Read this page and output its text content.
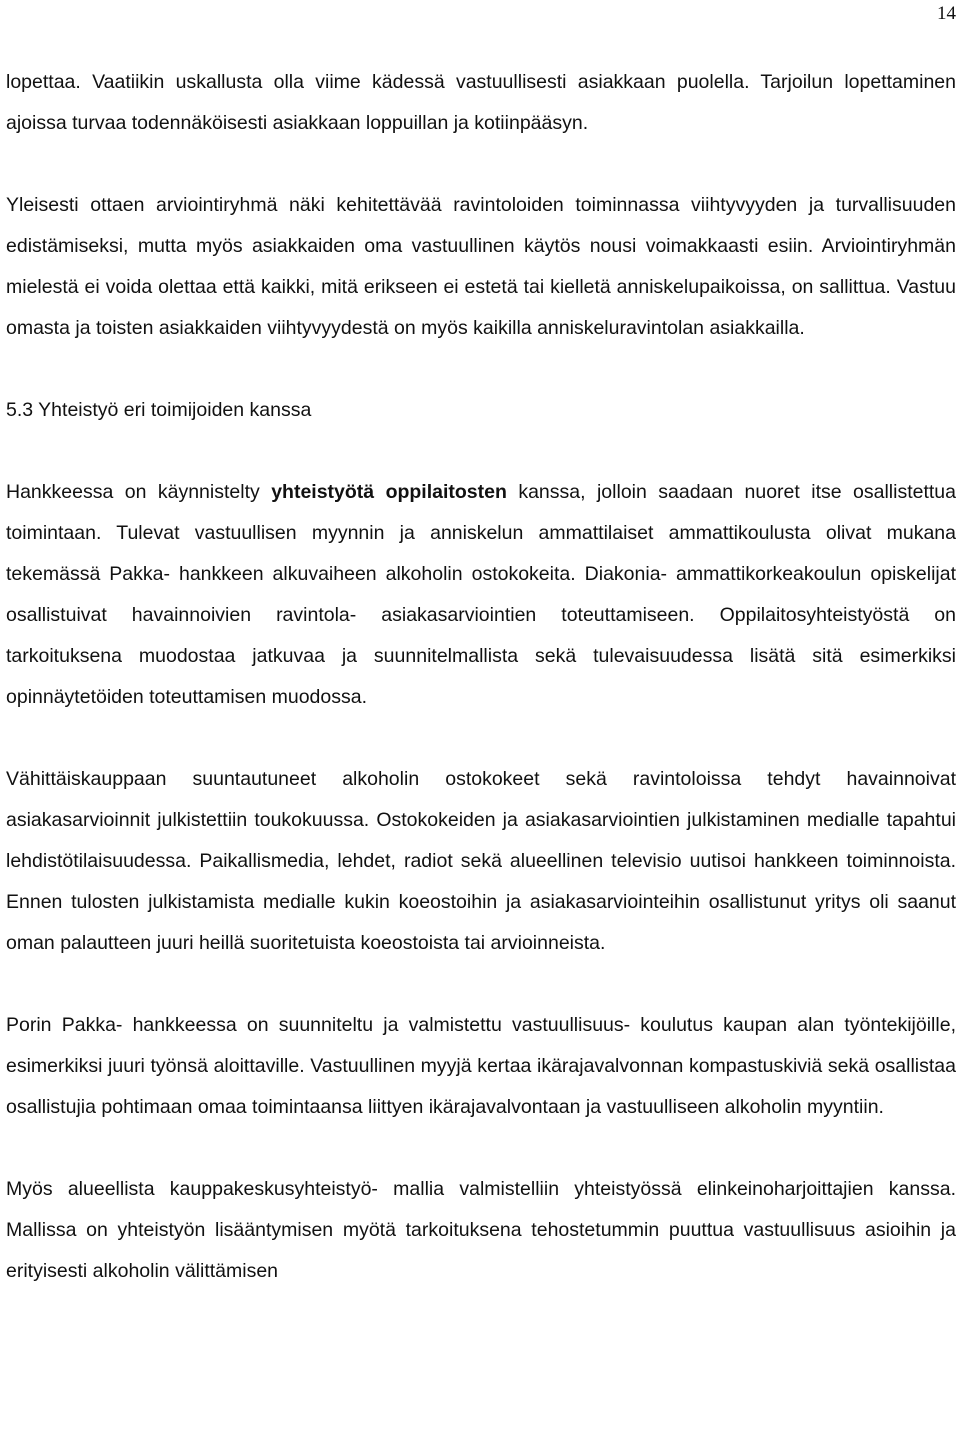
14

lopettaa. Vaatiikin uskallusta olla viime kädessä vastuullisesti asiakkaan puolella. Tarjoilun lopettaminen ajoissa turvaa todennäköisesti asiakkaan loppuillan ja kotiinpääsyn.

Yleisesti ottaen arviointiryhmä näki kehitettävää ravintoloiden toiminnassa viihtyvyyden ja turvallisuuden edistämiseksi, mutta myös asiakkaiden oma vastuullinen käytös nousi voimakkaasti esiin. Arviointiryhmän mielestä ei voida olettaa että kaikki, mitä erikseen ei estetä tai kielletä anniskelupaikoissa, on sallittua. Vastuu omasta ja toisten asiakkaiden viihtyvyydestä on myös kaikilla anniskeluravintolan asiakkailla.

5.3 Yhteistyö eri toimijoiden kanssa

Hankkeessa on käynnistelty yhteistyötä oppilaitosten kanssa, jolloin saadaan nuoret itse osallistettua toimintaan. Tulevat vastuullisen myynnin ja anniskelun ammattilaiset ammattikoulusta olivat mukana tekemässä Pakka- hankkeen alkuvaiheen alkoholin ostokokeita. Diakonia- ammattikorkeakoulun opiskelijat osallistuivat havainnoivien ravintola- asiakasarviointien toteuttamiseen. Oppilaitosyhteistyöstä on tarkoituksena muodostaa jatkuvaa ja suunnitelmallista sekä tulevaisuudessa lisätä sitä esimerkiksi opinnäytetöiden toteuttamisen muodossa.

Vähittäiskauppaan suuntautuneet alkoholin ostokokeet sekä ravintoloissa tehdyt havainnoivat asiakasarvioinnit julkistettiin toukokuussa. Ostokokeiden ja asiakasarviointien julkistaminen medialle tapahtui lehdistötilaisuudessa. Paikallismedia, lehdet, radiot sekä alueellinen televisio uutisoi hankkeen toiminnoista. Ennen tulosten julkistamista medialle kukin koeostoihin ja asiakasarviointeihin osallistunut yritys oli saanut oman palautteen juuri heillä suoritetuista koeostoista tai arvioinneista.

Porin Pakka- hankkeessa on suunniteltu ja valmistettu vastuullisuus- koulutus kaupan alan työntekijöille, esimerkiksi juuri työnsä aloittaville. Vastuullinen myyjä kertaa ikärajavalvonnan kompastuskiviä sekä osallistaa osallistujia pohtimaan omaa toimintaansa liittyen ikärajavalvontaan ja vastuulliseen alkoholin myyntiin.

Myös alueellista kauppakeskusyhteistyö- mallia valmistelliin yhteistyössä elinkeinoharjoittajien kanssa. Mallissa on yhteistyön lisääntymisen myötä tarkoituksena tehostetummin puuttua vastuullisuus asioihin ja erityisesti alkoholin välittämisen
